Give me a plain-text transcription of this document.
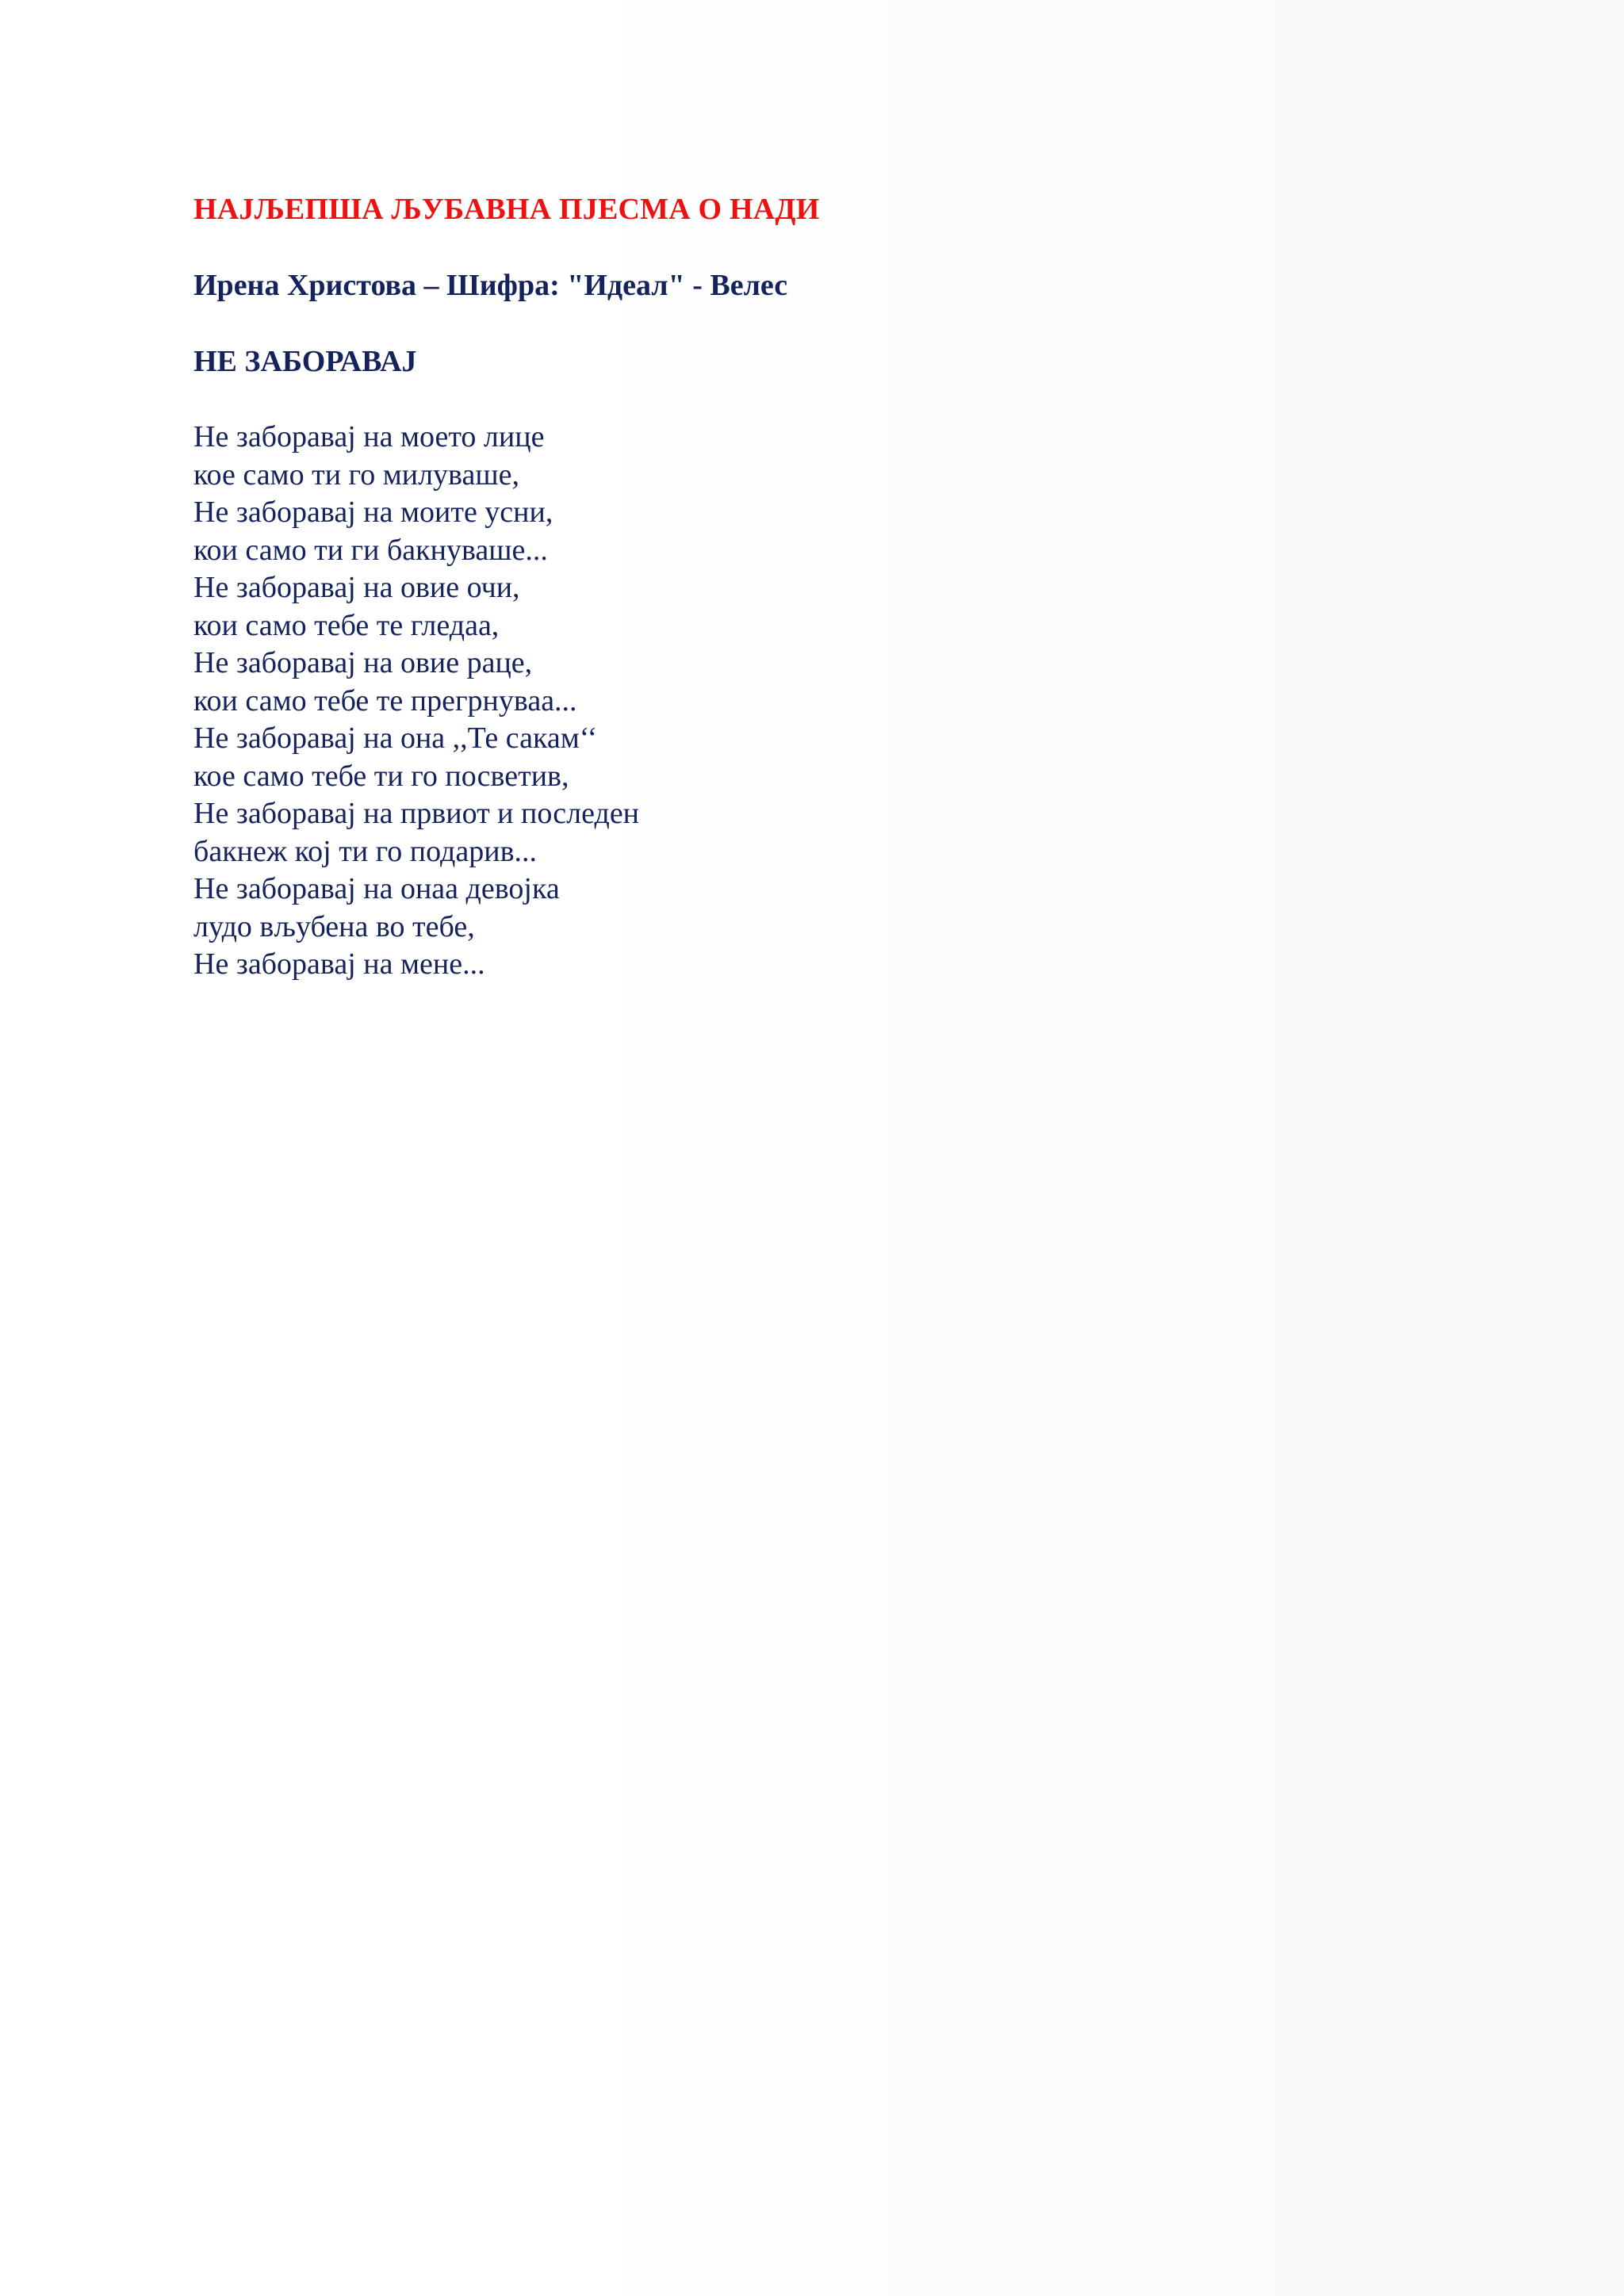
НАЈЉЕПША ЉУБАВНА ПЈЕСМА О НАДИ
Ирена Христова – Шифра: "Идеал" - Велес
НЕ ЗАБОРАВАЈ
Не заборавај на моето лице
кое само ти го милуваше,
Не заборавај на моите усни,
кои само ти ги бакнуваше...
Не заборавај на овие очи,
кои само тебе те гледаа,
Не заборавај на овие раце,
кои само тебе те прегрнуваа...
Не заборавај на она ,,Те сакам‘‘
кое само тебе ти го посветив,
Не заборавај на првиот и последен
бакнеж кој ти го подарив...
Не заборавај на онаа девојка
лудо вљубена во тебе,
Не заборавај на мене...
